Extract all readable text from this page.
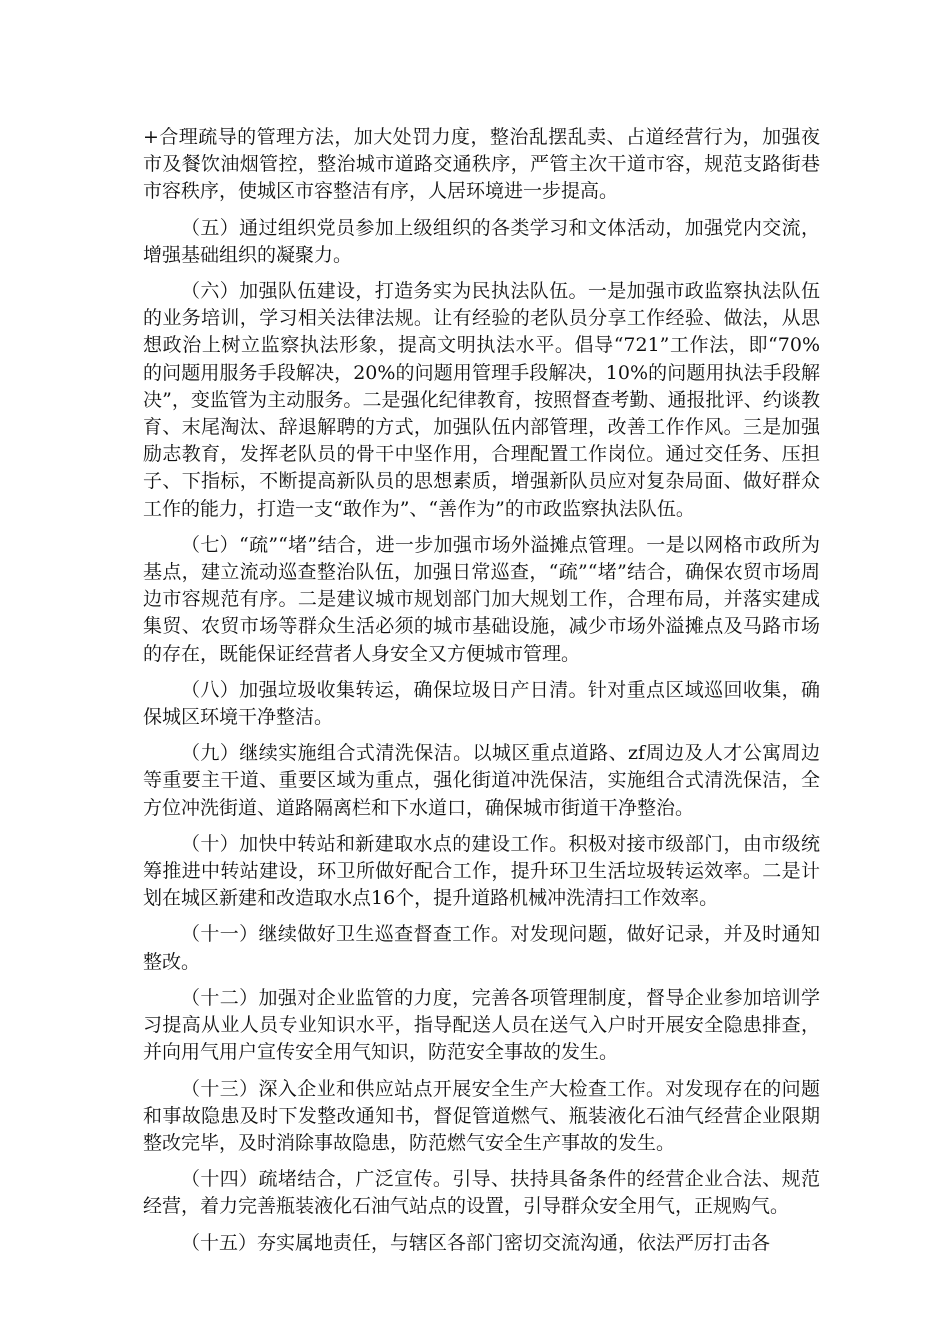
+合理疏导的管理方法，加大处罚力度，整治乱摆乱卖、占道经营行为，加强夜市及餐饮油烟管控，整治城市道路交通秩序，严管主次干道市容，规范支路街巷市容秩序，使城区市容整洁有序，人居环境进一步提高。

（五）通过组织党员参加上级组织的各类学习和文体活动，加强党内交流，增强基础组织的凝聚力。

（六）加强队伍建设，打造务实为民执法队伍。一是加强市政监察执法队伍的业务培训，学习相关法律法规。让有经验的老队员分享工作经验、做法，从思想政治上树立监察执法形象，提高文明执法水平。倡导“721”工作法，即“70%的问题用服务手段解决，20%的问题用管理手段解决，10%的问题用执法手段解决”，变监管为主动服务。二是强化纪律教育，按照督查考勤、通报批评、约谈教育、末尾淘汰、辞退解聘的方式，加强队伍内部管理，改善工作作风。三是加强励志教育，发挥老队员的骨干中坚作用，合理配置工作岗位。通过交任务、压担子、下指标，不断提高新队员的思想素质，增强新队员应对复杂局面、做好群众工作的能力，打造一支“敢作为”、“善作为”的市政监察执法队伍。

（七）“疏”“堵”结合，进一步加强市场外溢摊点管理。一是以网格市政所为基点，建立流动巡查整治队伍，加强日常巡查，“疏”“堵”结合，确保农贸市场周边市容规范有序。二是建议城市规划部门加大规划工作，合理布局，并落实建成集贸、农贸市场等群众生活必须的城市基础设施，减少市场外溢摊点及马路市场的存在，既能保证经营者人身安全又方便城市管理。

（八）加强垃圾收集转运，确保垃圾日产日清。针对重点区域巡回收集，确保城区环境干净整洁。

（九）继续实施组合式清洗保洁。以城区重点道路、zf周边及人才公寓周边等重要主干道、重要区域为重点，强化街道冲洗保洁，实施组合式清洗保洁，全方位冲洗街道、道路隔离栏和下水道口，确保城市街道干净整治。

（十）加快中转站和新建取水点的建设工作。积极对接市级部门，由市级统筹推进中转站建设，环卫所做好配合工作，提升环卫生活垃圾转运效率。二是计划在城区新建和改造取水点16个，提升道路机械冲洗清扫工作效率。

（十一）继续做好卫生巡查督查工作。对发现问题，做好记录，并及时通知整改。

（十二）加强对企业监管的力度，完善各项管理制度，督导企业参加培训学习提高从业人员专业知识水平，指导配送人员在送气入户时开展安全隐患排查，并向用气用户宣传安全用气知识，防范安全事故的发生。

（十三）深入企业和供应站点开展安全生产大检查工作。对发现存在的问题和事故隐患及时下发整改通知书，督促管道燃气、瓶装液化石油气经营企业限期整改完毕，及时消除事故隐患，防范燃气安全生产事故的发生。

（十四）疏堵结合，广泛宣传。引导、扶持具备条件的经营企业合法、规范经营，着力完善瓶装液化石油气站点的设置，引导群众安全用气，正规购气。

（十五）夯实属地责任，与辖区各部门密切交流沟通，依法严厉打击各
